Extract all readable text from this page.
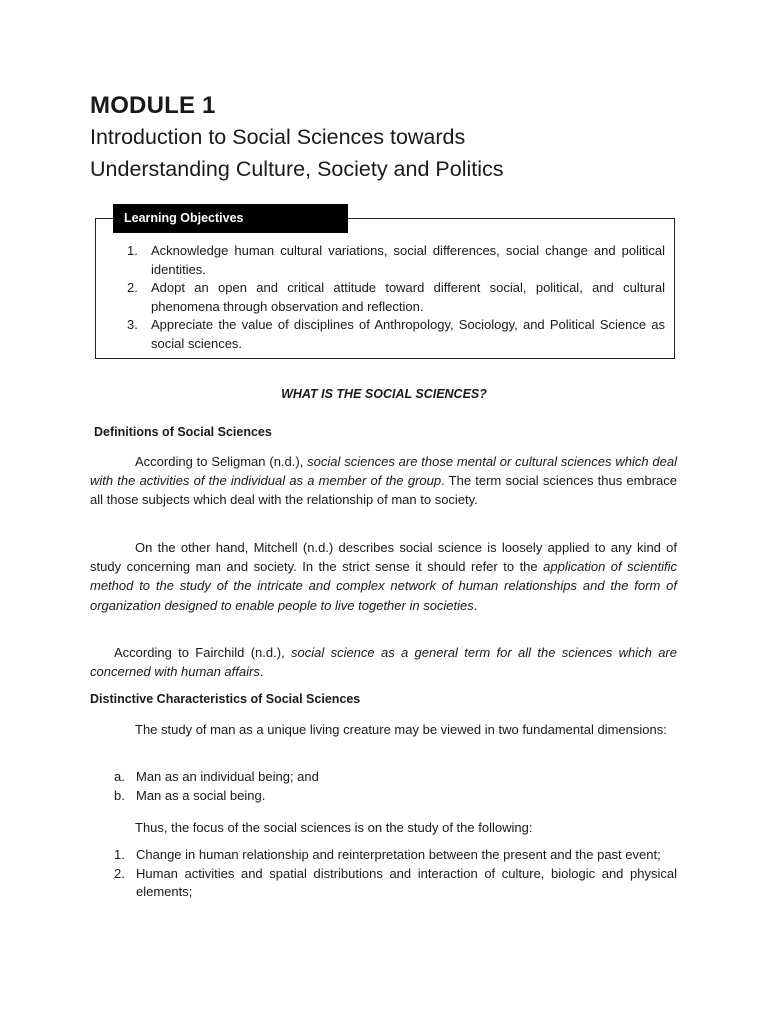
MODULE 1
Introduction to Social Sciences towards
Understanding Culture, Society and Politics
Learning Objectives
1. Acknowledge human cultural variations, social differences, social change and political identities.
2. Adopt an open and critical attitude toward different social, political, and cultural phenomena through observation and reflection.
3. Appreciate the value of disciplines of Anthropology, Sociology, and Political Science as social sciences.
WHAT IS THE SOCIAL SCIENCES?
Definitions of Social Sciences

According to Seligman (n.d.), social sciences are those mental or cultural sciences which deal with the activities of the individual as a member of the group. The term social sciences thus embrace all those subjects which deal with the relationship of man to society.

On the other hand, Mitchell (n.d.) describes social science is loosely applied to any kind of study concerning man and society. In the strict sense it should refer to the application of scientific method to the study of the intricate and complex network of human relationships and the form of organization designed to enable people to live together in societies.

According to Fairchild (n.d.), social science as a general term for all the sciences which are concerned with human affairs.

Distinctive Characteristics of Social Sciences

The study of man as a unique living creature may be viewed in two fundamental dimensions:

a. Man as an individual being; and
b. Man as a social being.

Thus, the focus of the social sciences is on the study of the following:

1. Change in human relationship and reinterpretation between the present and the past event;
2. Human activities and spatial distributions and interaction of culture, biologic and physical elements;
